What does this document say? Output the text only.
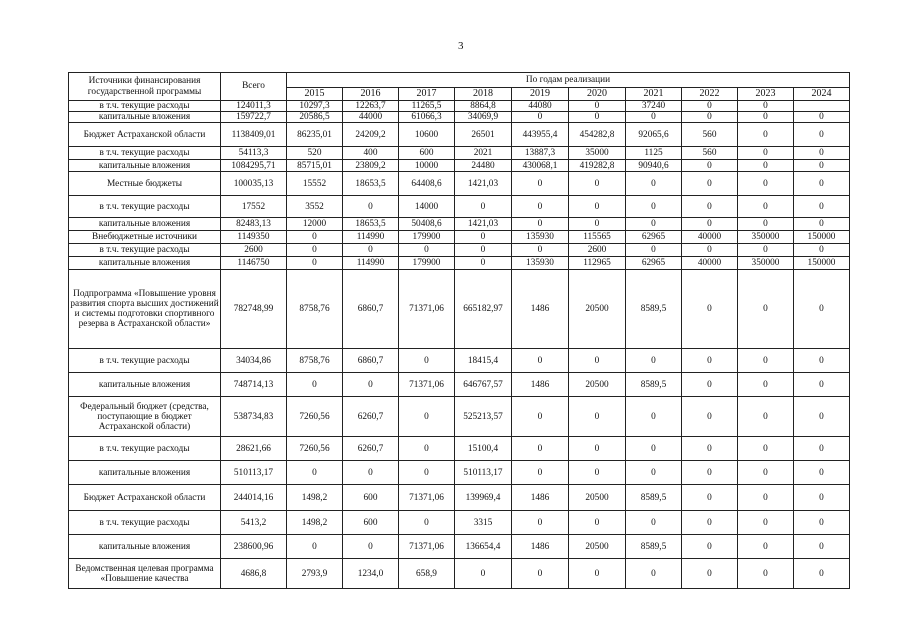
3
Источники финансирования государственной программы	Всего	По годам реализации									
		2015	2016	2017	2018	2019	2020	2021	2022	2023	2024
в т.ч. текущие расходы	124011,3	10297,3	12263,7	11265,5	8864,8	44080	0	37240	0	0	
капитальные вложения	159722,7	20586,5	44000	61066,3	34069,9	0	0	0	0	0	0
Бюджет Астраханской области	1138409,01	86235,01	24209,2	10600	26501	443955,4	454282,8	92065,6	560	0	0
в т.ч. текущие расходы	54113,3	520	400	600	2021	13887,3	35000	1125	560	0	0
капитальные вложения	1084295,71	85715,01	23809,2	10000	24480	430068,1	419282,8	90940,6	0	0	0
Местные бюджеты	100035,13	15552	18653,5	64408,6	1421,03	0	0	0	0	0	0
в т.ч. текущие расходы	17552	3552	0	14000	0	0	0	0	0	0	0
капитальные вложения	82483,13	12000	18653,5	50408,6	1421,03	0	0	0	0	0	0
Внебюджетные источники	1149350	0	114990	179900	0	135930	115565	62965	40000	350000	150000
в т.ч. текущие расходы	2600	0	0	0	0	0	2600	0	0	0	0
капитальные вложения	1146750	0	114990	179900	0	135930	112965	62965	40000	350000	150000
Подпрограмма «Повышение уровня развития спорта высших достижений и системы подготовки спортивного резерва в Астраханской области»	782748,99	8758,76	6860,7	71371,06	665182,97	1486	20500	8589,5	0	0	0
в т.ч. текущие расходы	34034,86	8758,76	6860,7	0	18415,4	0	0	0	0	0	0
капитальные вложения	748714,13	0	0	71371,06	646767,57	1486	20500	8589,5	0	0	0
Федеральный бюджет (средства, поступающие в бюджет Астраханской области)	538734,83	7260,56	6260,7	0	525213,57	0	0	0	0	0	0
в т.ч. текущие расходы	28621,66	7260,56	6260,7	0	15100,4	0	0	0	0	0	0
капитальные вложения	510113,17	0	0	0	510113,17	0	0	0	0	0	0
Бюджет Астраханской области	244014,16	1498,2	600	71371,06	139969,4	1486	20500	8589,5	0	0	0
в т.ч. текущие расходы	5413,2	1498,2	600	0	3315	0	0	0	0	0	0
капитальные вложения	238600,96	0	0	71371,06	136654,4	1486	20500	8589,5	0	0	0
Ведомственная целевая программа «Повышение качества	4686,8	2793,9	1234,0	658,9	0	0	0	0	0	0	0
